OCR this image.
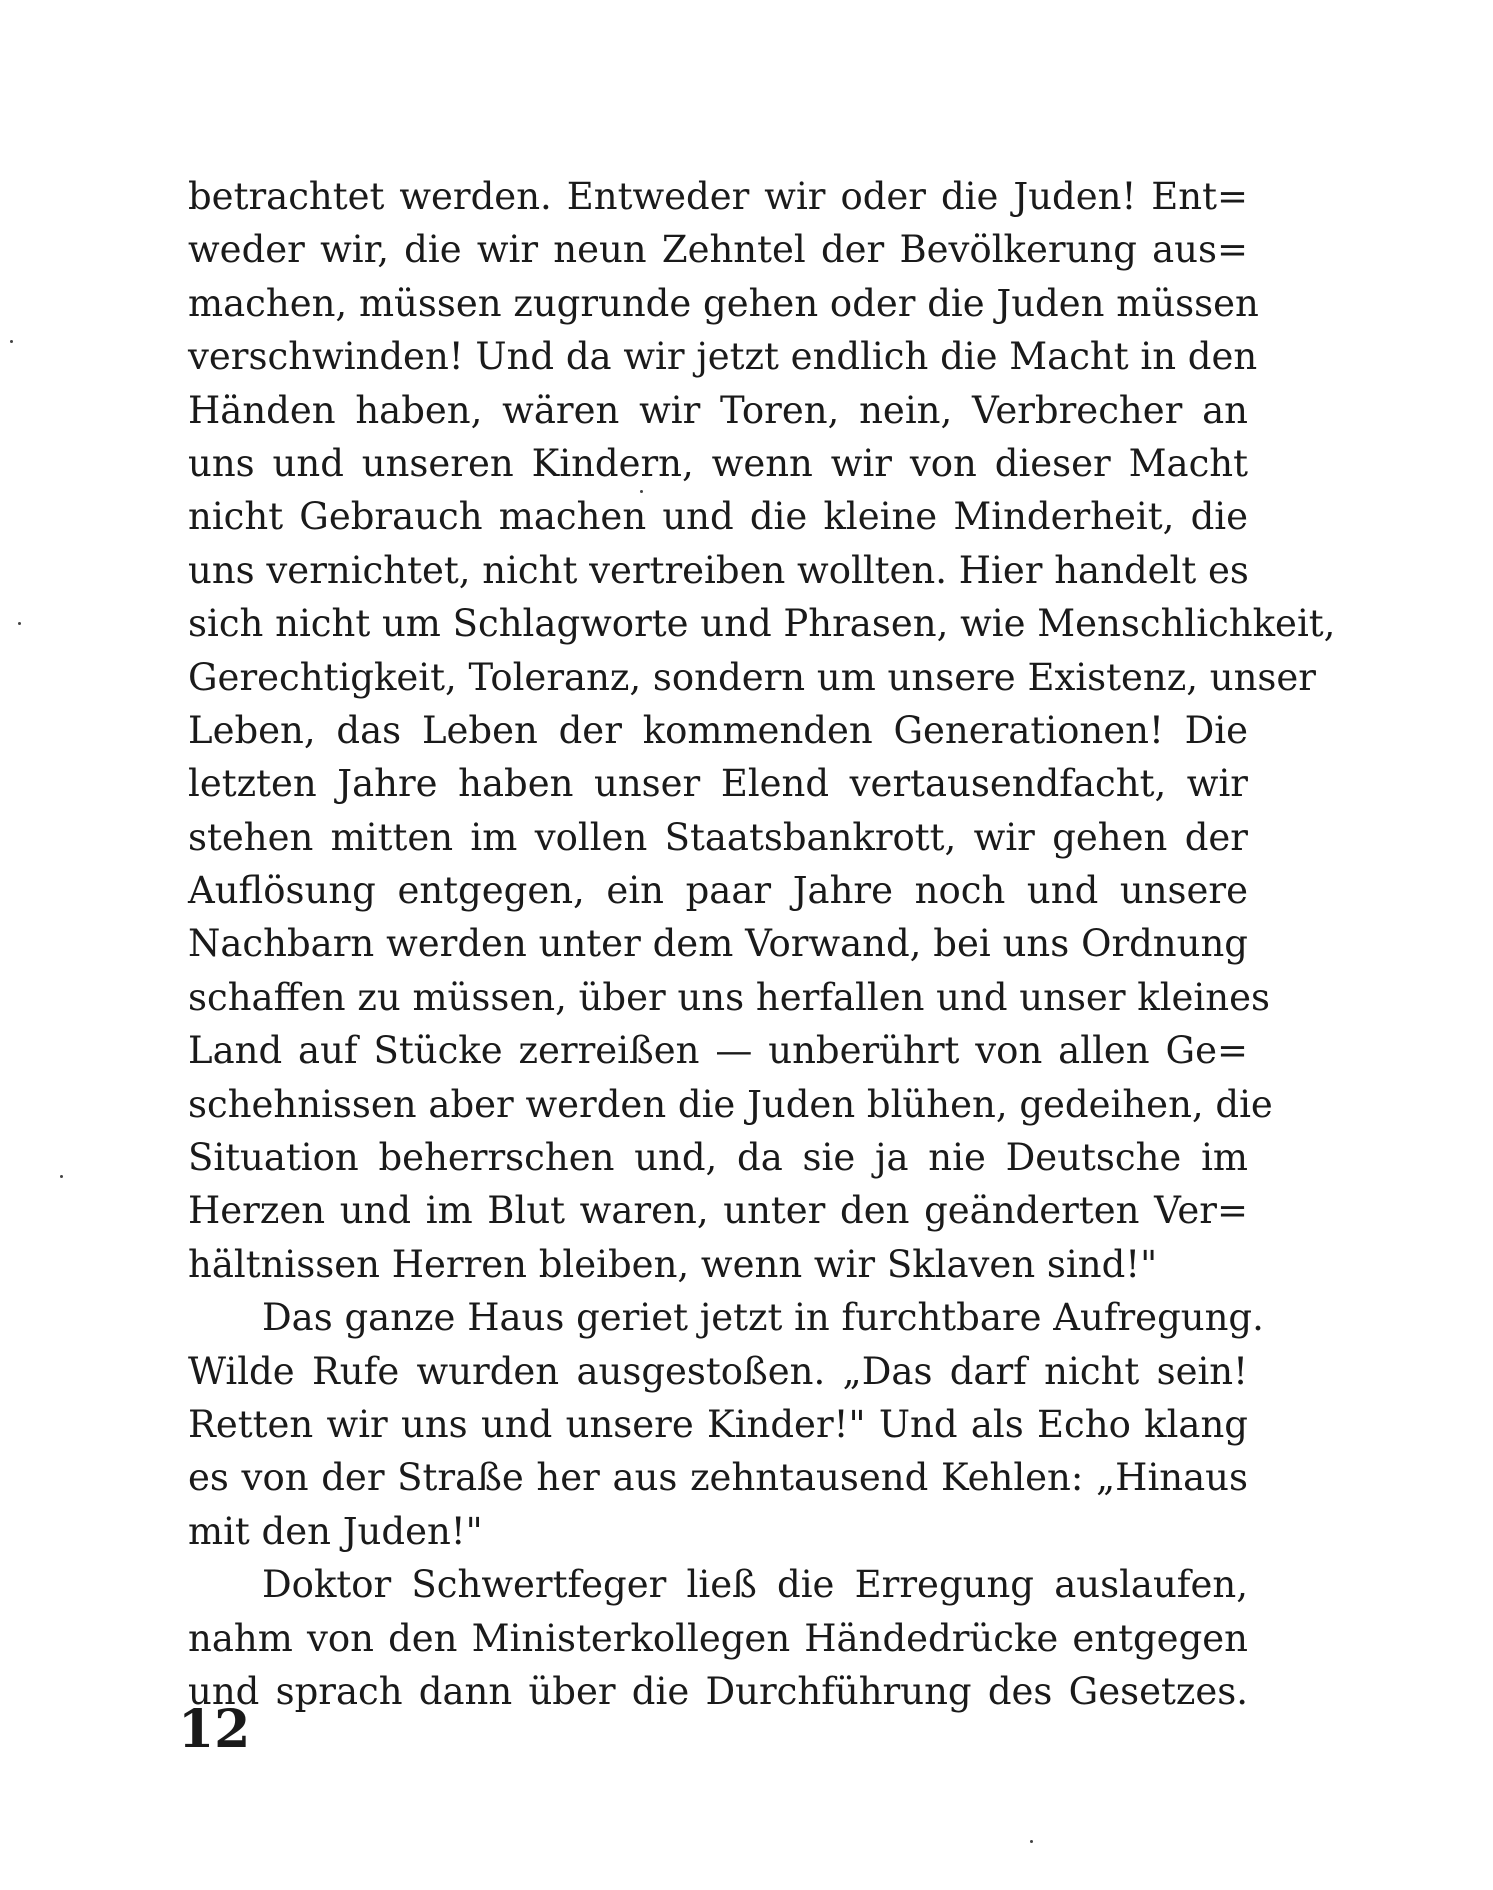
betrachtet werden. Entweder wir oder die Juden! Ent=
weder wir, die wir neun Zehntel der Bevölkerung aus=
machen, müssen zugrunde gehen oder die Juden müssen
verschwinden! Und da wir jetzt endlich die Macht in den
Händen haben, wären wir Toren, nein, Verbrecher an
uns und unseren Kindern, wenn wir von dieser Macht
nicht Gebrauch machen und die kleine Minderheit, die
uns vernichtet, nicht vertreiben wollten. Hier handelt es
sich nicht um Schlagworte und Phrasen, wie Menschlichkeit,
Gerechtigkeit, Toleranz, sondern um unsere Existenz, unser
Leben, das Leben der kommenden Generationen! Die
letzten Jahre haben unser Elend vertausendfacht, wir
stehen mitten im vollen Staatsbankrott, wir gehen der
Auflösung entgegen, ein paar Jahre noch und unsere
Nachbarn werden unter dem Vorwand, bei uns Ordnung
schaffen zu müssen, über uns herfallen und unser kleines
Land auf Stücke zerreißen — unberührt von allen Ge=
schehnissen aber werden die Juden blühen, gedeihen, die
Situation beherrschen und, da sie ja nie Deutsche im
Herzen und im Blut waren, unter den geänderten Ver=
hältnissen Herren bleiben, wenn wir Sklaven sind!"
Das ganze Haus geriet jetzt in furchtbare Aufregung.
Wilde Rufe wurden ausgestoßen. „Das darf nicht sein!
Retten wir uns und unsere Kinder!" Und als Echo klang
es von der Straße her aus zehntausend Kehlen: „Hinaus
mit den Juden!"
Doktor Schwertfeger ließ die Erregung auslaufen,
nahm von den Ministerkollegen Händedrücke entgegen
und sprach dann über die Durchführung des Gesetzes.
12
